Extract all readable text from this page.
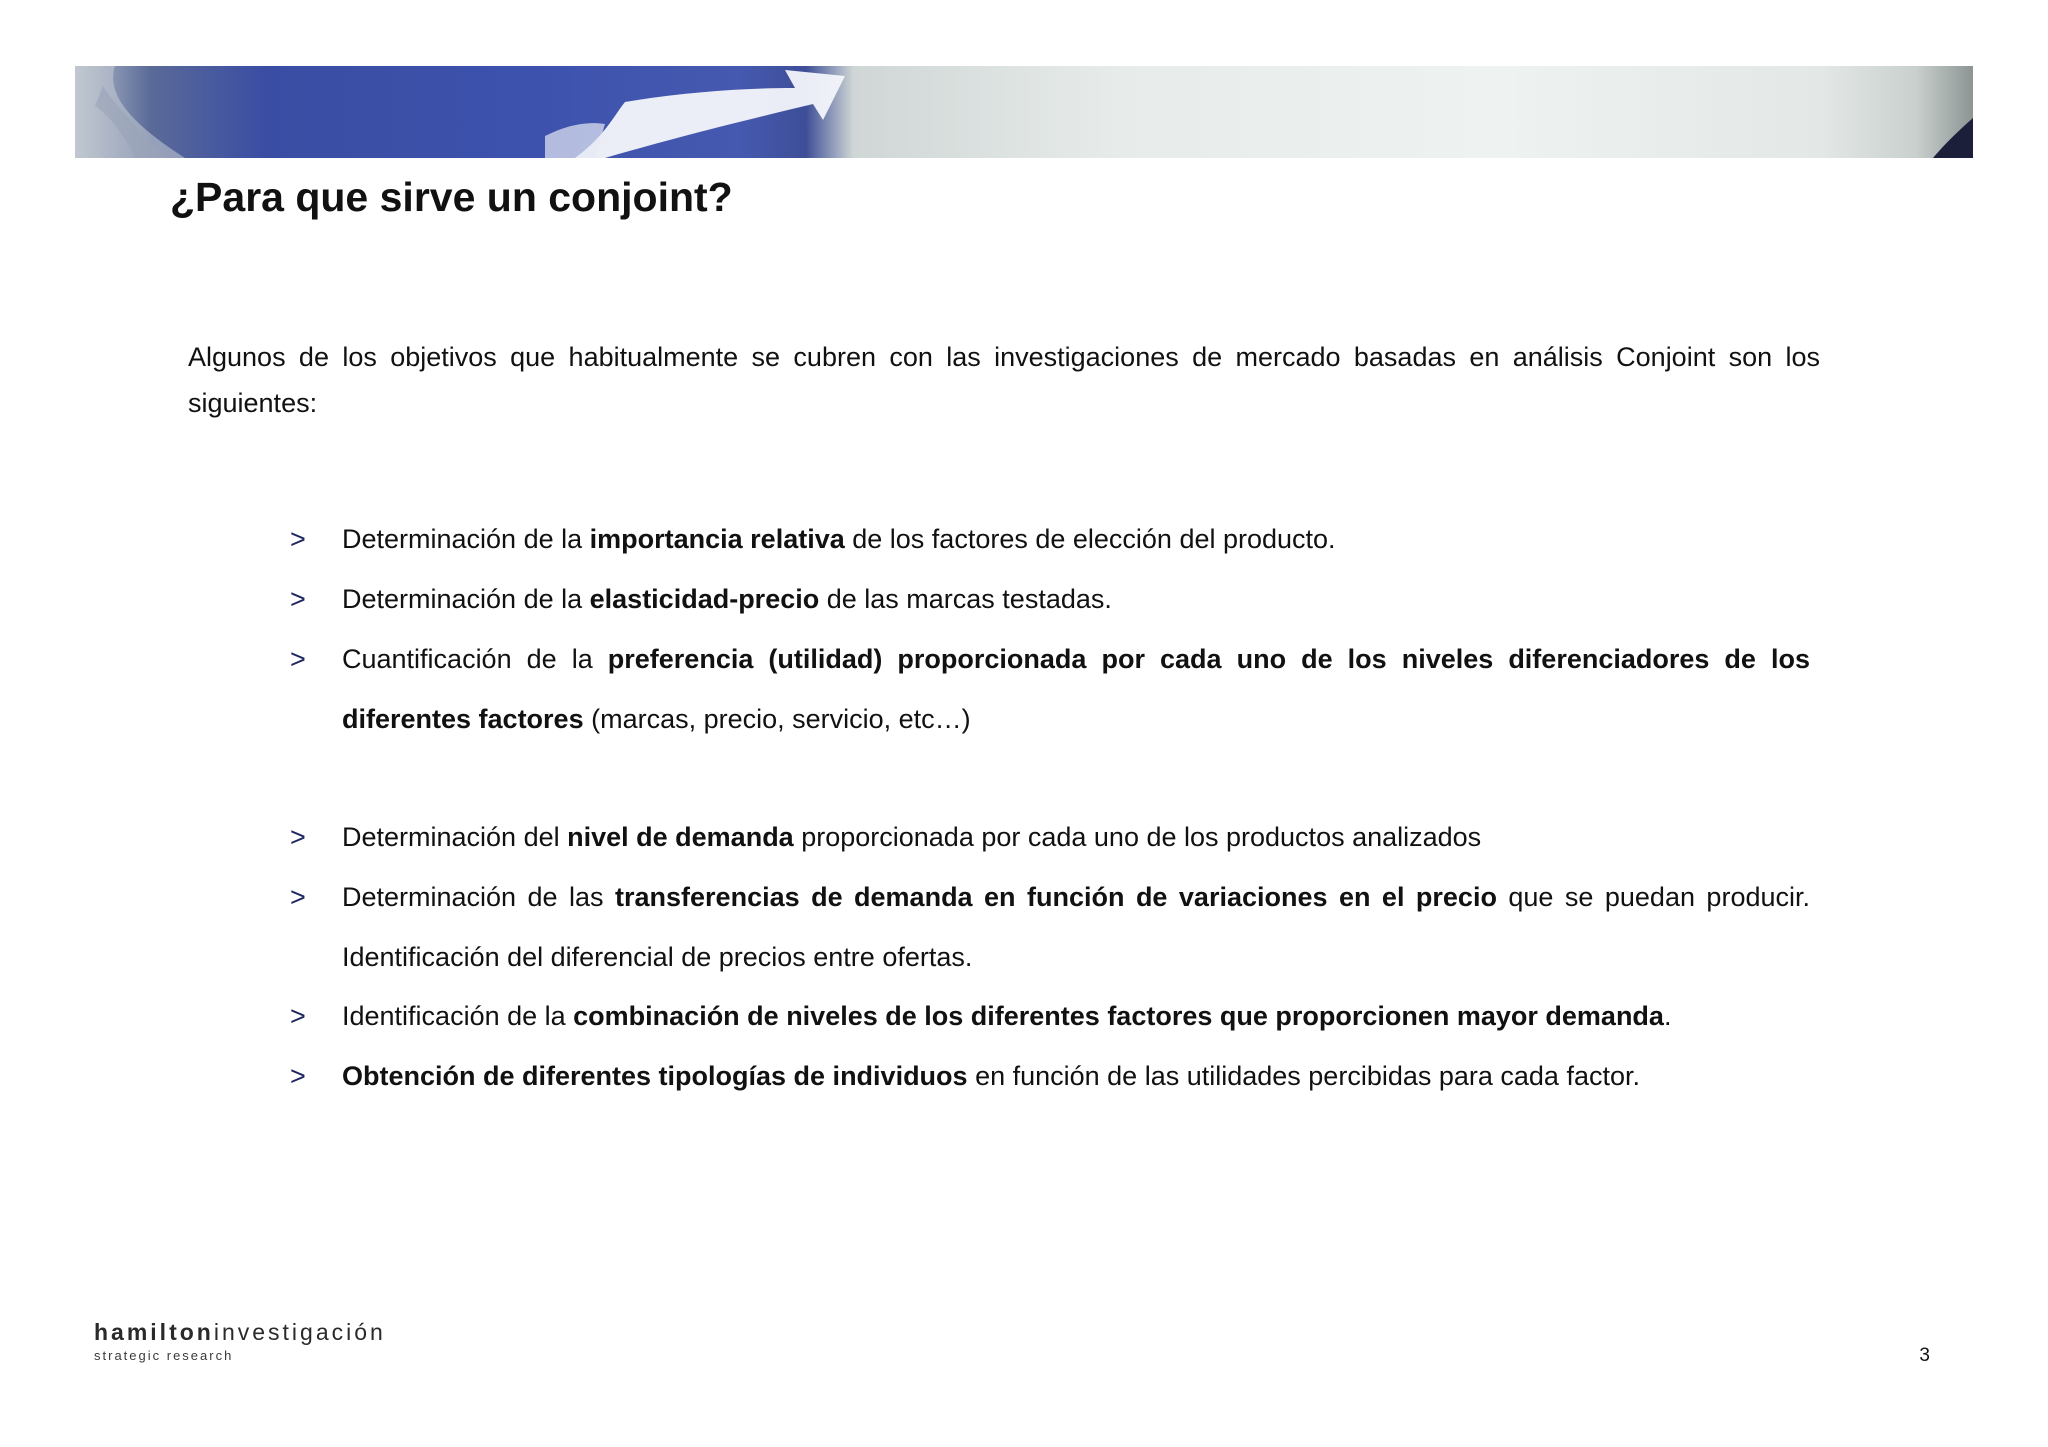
¿Para que sirve un conjoint?

Algunos de los objetivos que habitualmente se cubren con las investigaciones de mercado basadas en análisis Conjoint son los siguientes:

>	Determinación de la importancia relativa de los factores de elección del producto.
>	Determinación de la elasticidad-precio de las marcas testadas.
>	Cuantificación de la preferencia (utilidad) proporcionada por cada uno de los niveles diferenciadores de los diferentes factores (marcas, precio, servicio, etc…)
>	Determinación del nivel de demanda proporcionada por cada uno de los productos analizados
>	Determinación de las transferencias de demanda en función de variaciones en el precio que se puedan producir. Identificación del diferencial de precios entre ofertas.
>	Identificación de la combinación de niveles de los diferentes factores que proporcionen mayor demanda.
>	Obtención de diferentes tipologías de individuos en función de las utilidades percibidas para cada factor.
hamiltoninvestigación
strategic research	3
